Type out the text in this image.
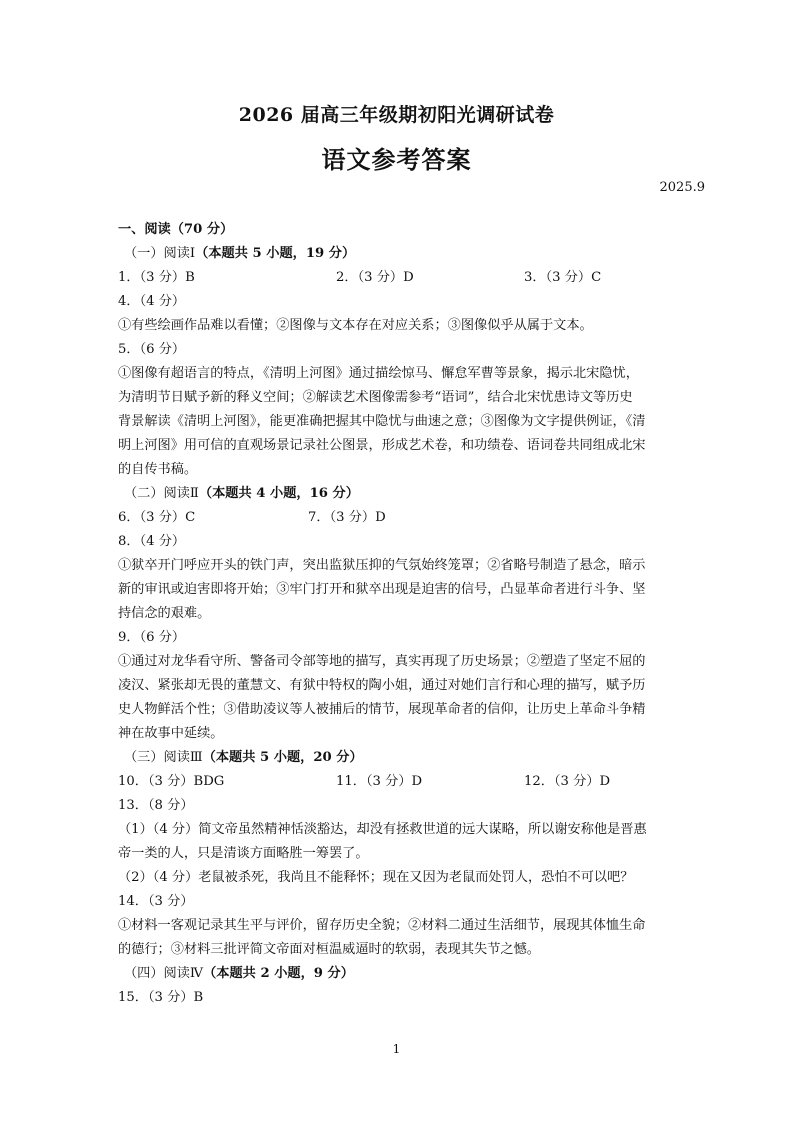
2026 届高三年级期初阳光调研试卷
语文参考答案
2025.9
一、阅读（70 分）
（一）阅读Ⅰ（本题共 5 小题，19 分）
1．（3 分）B	2．（3 分）D	3．（3 分）C
4．（4 分）
①有些绘画作品难以看懂；②图像与文本存在对应关系；③图像似乎从属于文本。
5．（6 分）
①图像有超语言的特点，《清明上河图》通过描绘惊马、懈怠军曹等景象，揭示北宋隐忧，
为清明节日赋予新的释义空间；②解读艺术图像需参考“语词”，结合北宋忧患诗文等历史
背景解读《清明上河图》，能更准确把握其中隐忧与曲速之意；③图像为文字提供例证，《清
明上河图》用可信的直观场景记录社公图景，形成艺术卷，和功绩卷、语词卷共同组成北宋
的自传书稿。
（二）阅读Ⅱ（本题共 4 小题，16 分）
6．（3 分）C	7．（3 分）D
8．（4 分）
①狱卒开门呼应开头的铁门声，突出监狱压抑的气氛始终笼罩；②省略号制造了悬念，暗示
新的审讯或迫害即将开始；③牢门打开和狱卒出现是迫害的信号，凸显革命者进行斗争、坚
持信念的艰难。
9．（6 分）
①通过对龙华看守所、警备司令部等地的描写，真实再现了历史场景；②塑造了坚定不屈的
凌汉、紧张却无畏的董慧文、有狱中特权的陶小姐，通过对她们言行和心理的描写，赋予历
史人物鲜活个性；③借助凌议等人被捕后的情节，展现革命者的信仰，让历史上革命斗争精
神在故事中延续。
（三）阅读Ⅲ（本题共 5 小题，20 分）
10．（3 分）BDG	11．（3 分）D	12．（3 分）D
13．（8 分）
（1）（4 分）简文帝虽然精神恬淡豁达，却没有拯救世道的远大谋略，所以谢安称他是晋惠
帝一类的人，只是清谈方面略胜一筹罢了。
（2）（4 分）老鼠被杀死，我尚且不能释怀；现在又因为老鼠而处罚人，恐怕不可以吧？
14．（3 分）
①材料一客观记录其生平与评价，留存历史全貌；②材料二通过生活细节，展现其体恤生命
的德行；③材料三批评简文帝面对桓温威逼时的软弱，表现其失节之憾。
（四）阅读Ⅳ（本题共 2 小题，9 分）
15．（3 分）B
1
